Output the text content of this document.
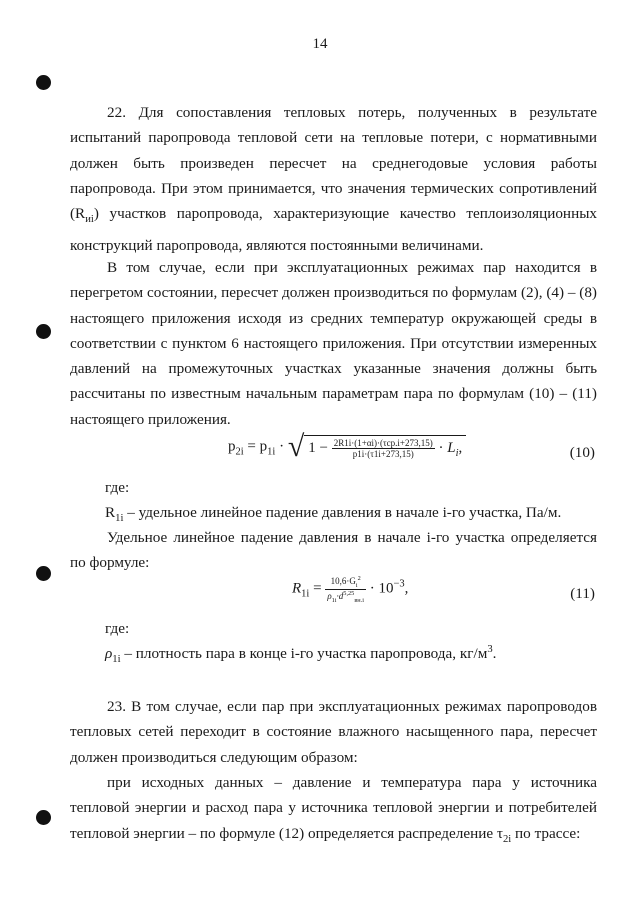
14

22. Для сопоставления тепловых потерь, полученных в результате испытаний паропровода тепловой сети на тепловые потери, с нормативными должен быть произведен пересчет на среднегодовые условия работы паропровода. При этом принимается, что значения термических сопротивлений $(R_{иi})$ участков паропровода, характеризующие качество теплоизоляционных конструкций паропровода, являются постоянными величинами.

В том случае, если при эксплуатационных режимах пар находится в перегретом состоянии, пересчет должен производиться по формулам (2), (4) – (8) настоящего приложения исходя из средних температур окружающей среды в соответствии с пунктом 6 настоящего приложения. При отсутствии измеренных давлений на промежуточных участках указанные значения должны быть рассчитаны по известным начальным параметрам пара по формулам (10) – (11) настоящего приложения.

$p_{2i} = p_{1i}$ · √ $1 - \frac{\text{2R1i·(1+αi)·(τср.i+273,15)}}{p1i\cdot(\tau 1i+273,15)} \cdot L_i$,	(10)
где:
$R_{1i}$ – удельное линейное падение давления в начале i-го участка, Па/м.

Удельное линейное падение давления в начале i-го участка определяется по формуле:

$R_{1i} = \frac{10,6\cdot G_i^2}{\rho_{1i}\cdot d^{5,25}_{вн.i}} \cdot 10^{-3}$,	(11)
где:
$\rho_{1i}$ – плотность пара в конце i-го участка паропровода, $кг/м^3$.

23. В том случае, если пар при эксплуатационных режимах паропроводов тепловых сетей переходит в состояние влажного насыщенного пара, пересчет должен производиться следующим образом:

при исходных данных – давление и температура пара у источника тепловой энергии и расход пара у источника тепловой энергии и потребителей тепловой энергии – по формуле (12) определяется распределение $\tau_{2i}$ по трассе:
